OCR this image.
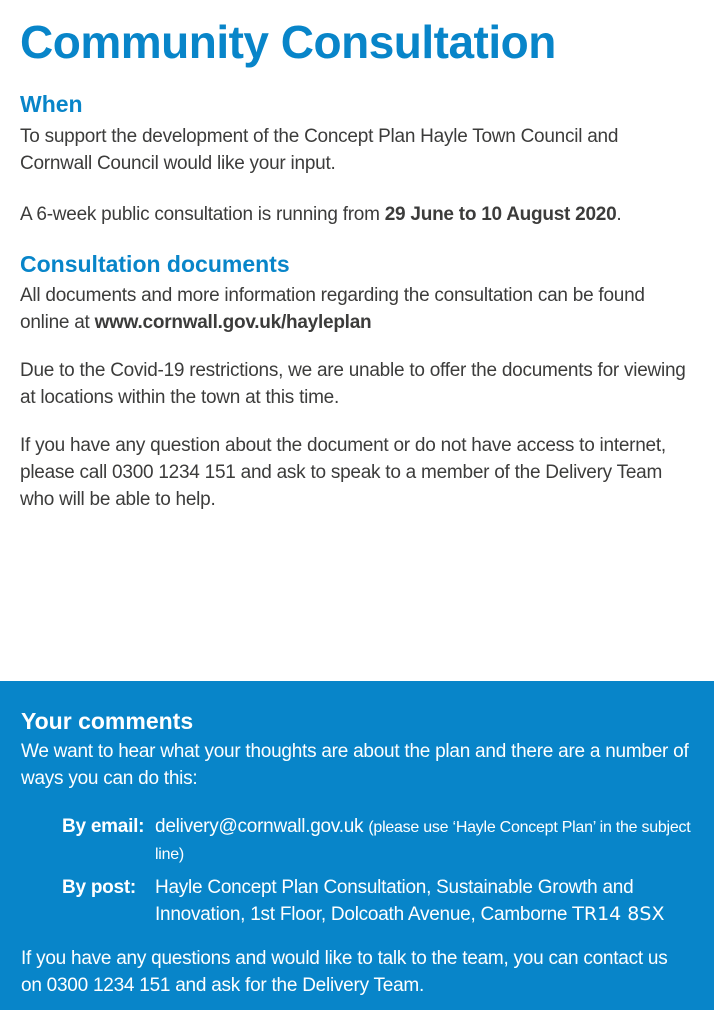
Community Consultation
When

To support the development of the Concept Plan Hayle Town Council and Cornwall Council would like your input.

A 6-week public consultation is running from 29 June to 10 August 2020.

Consultation documents

All documents and more information regarding the consultation can be found online at www.cornwall.gov.uk/hayleplan

Due to the Covid-19 restrictions, we are unable to offer the documents for viewing at locations within the town at this time.

If you have any question about the document or do not have access to internet, please call 0300 1234 151 and ask to speak to a member of the Delivery Team who will be able to help.

Your comments

We want to hear what your thoughts are about the plan and there are a number of ways you can do this:

By email: delivery@cornwall.gov.uk (please use ‘Hayle Concept Plan’ in the subject line)
By post:	Hayle Concept Plan Consultation, Sustainable Growth and Innovation, 1st Floor, Dolcoath Avenue, Camborne TR14 8SX

If you have any questions and would like to talk to the team, you can contact us on 0300 1234 151 and ask for the Delivery Team.
